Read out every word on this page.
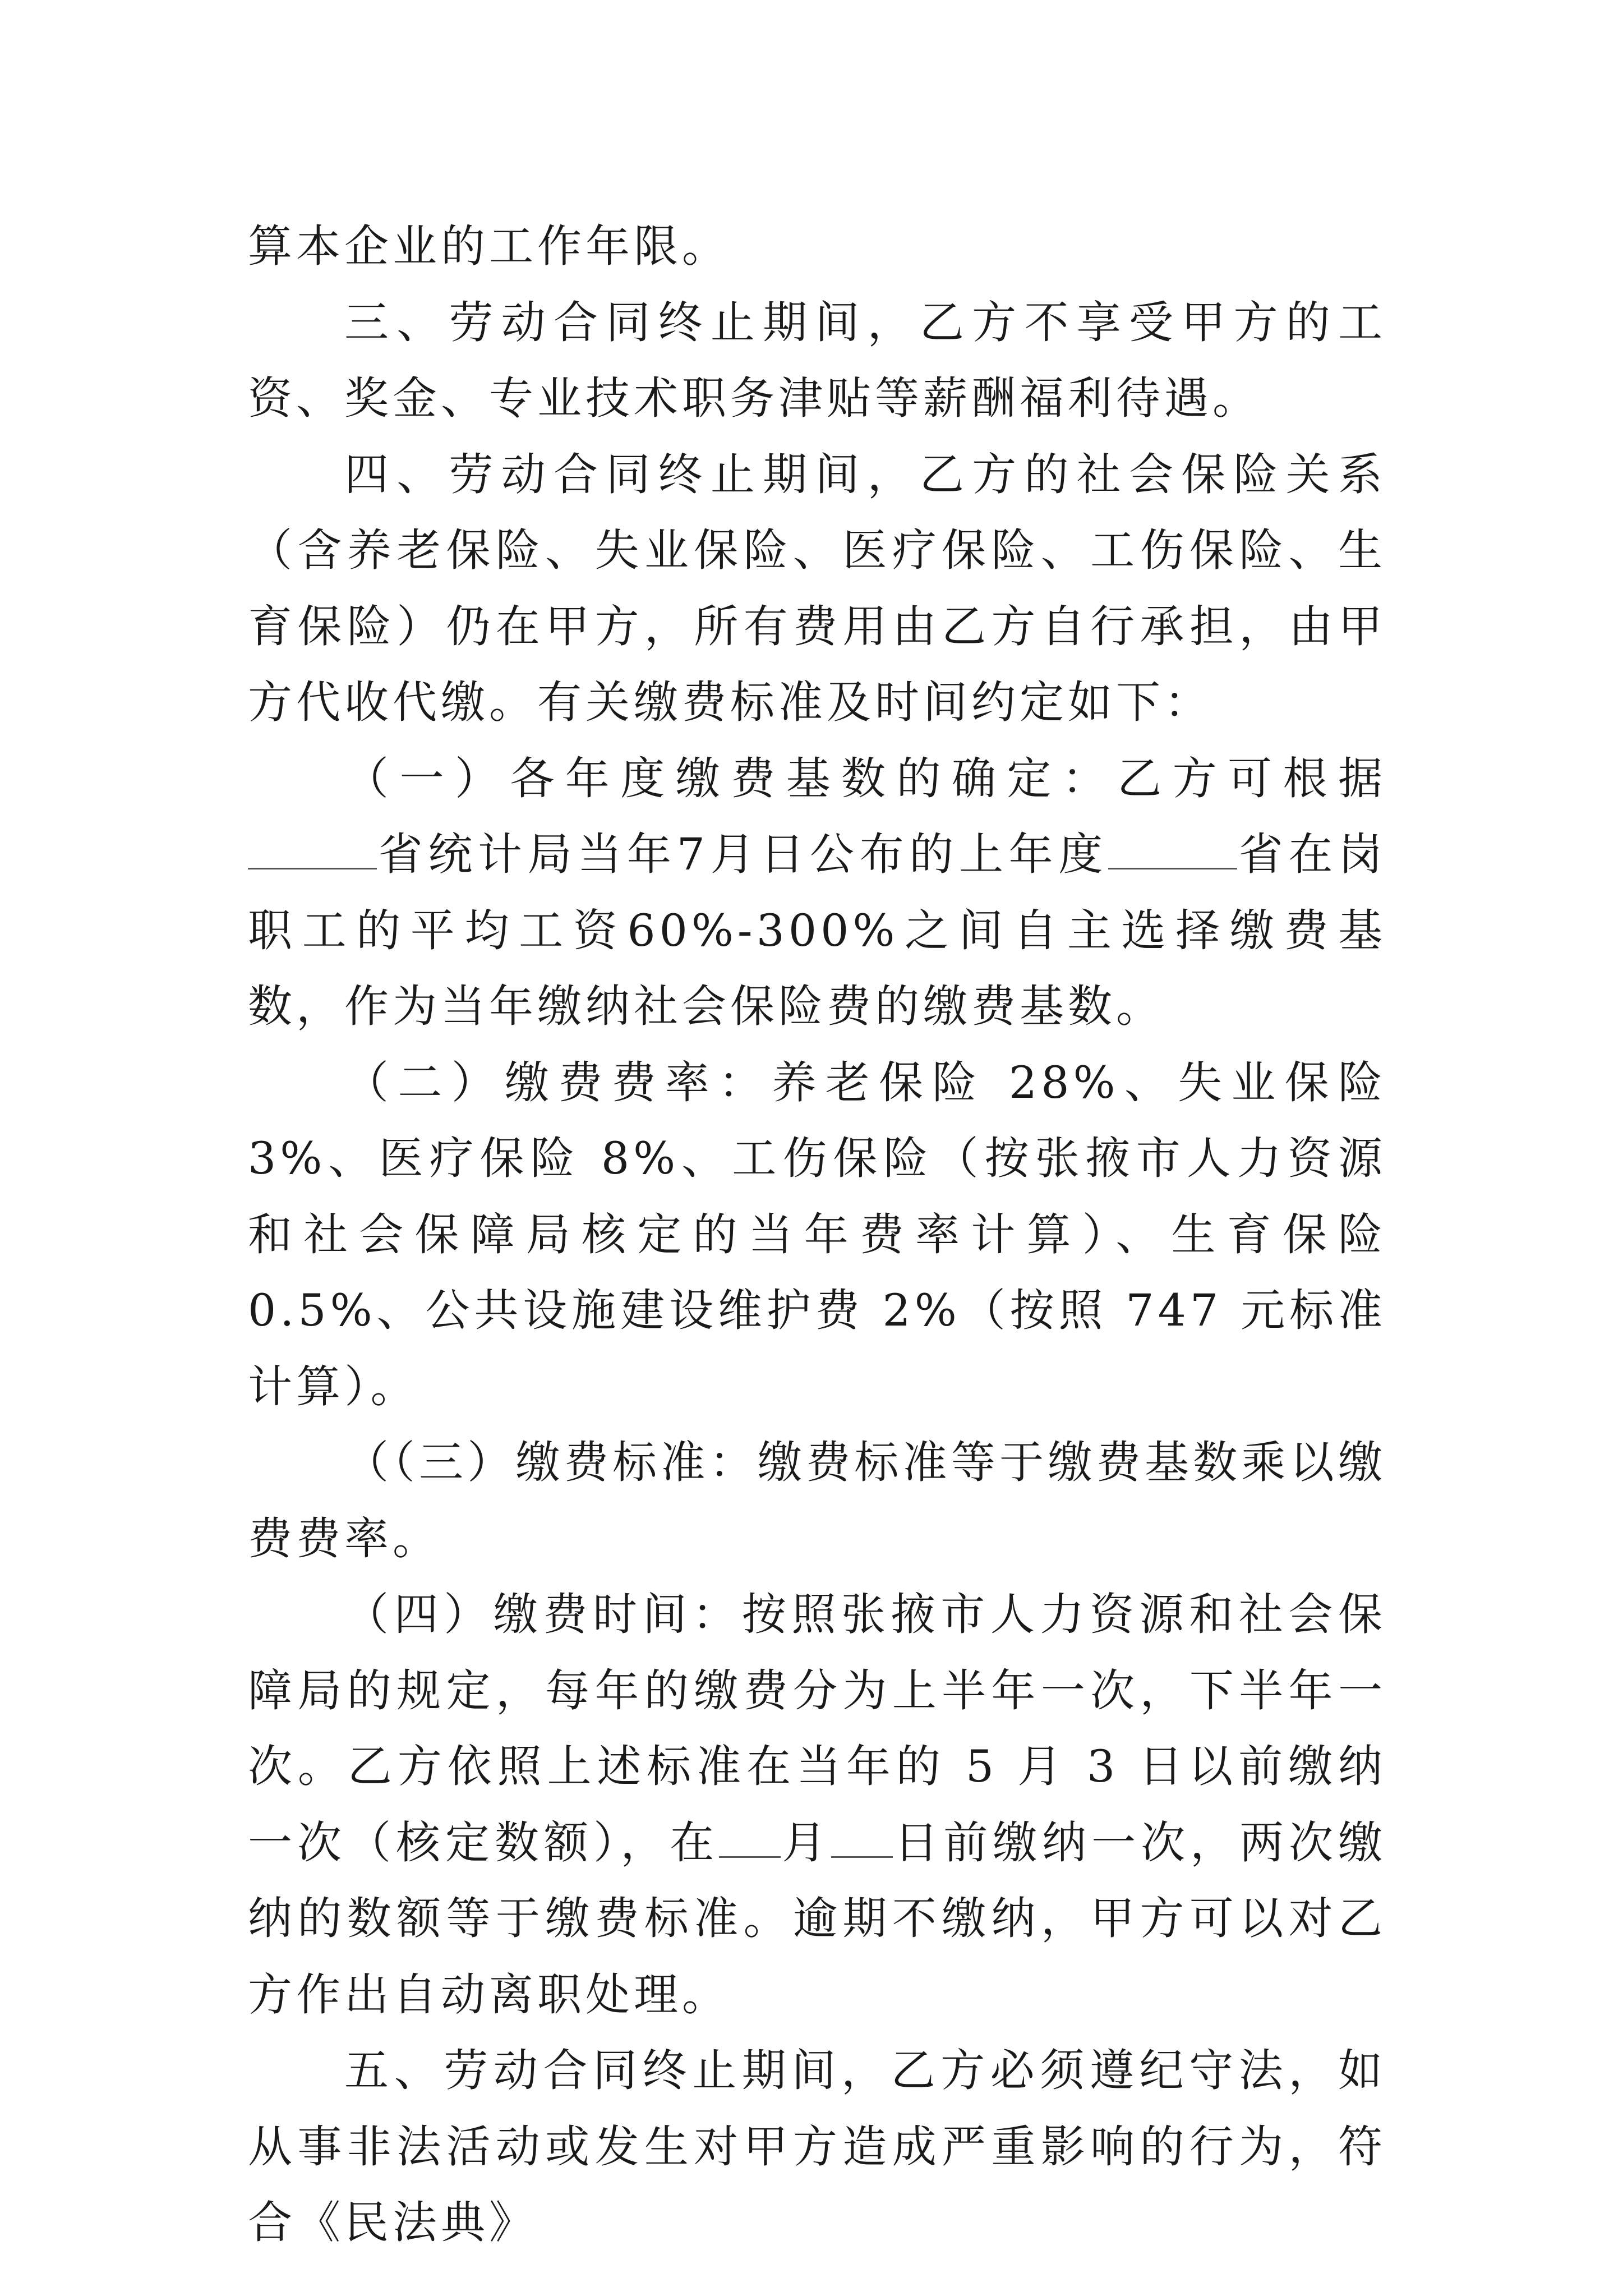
算本企业的工作年限。

三、劳动合同终止期间，乙方不享受甲方的工资、奖金、专业技术职务津贴等薪酬福利待遇。

四、劳动合同终止期间，乙方的社会保险关系（含养老保险、失业保险、医疗保险、工伤保险、生育保险）仍在甲方，所有费用由乙方自行承担，由甲方代收代缴。有关缴费标准及时间约定如下：

（一）各年度缴费基数的确定：乙方可根据省统计局当年7月日公布的上年度	省在岗职工的平均工资60%-300%之间自主选择缴费基数，作为当年缴纳社会保险费的缴费基数。

（二）缴费费率：养老保险 28%、失业保险 3%、医疗保险 8%、工伤保险（按张掖市人力资源和社会保障局核定的当年费率计算）、生育保险 0.5%、公共设施建设维护费 2%（按照 747 元标准计算）。

（（三）缴费标准：缴费标准等于缴费基数乘以缴费费率。

（四）缴费时间：按照张掖市人力资源和社会保障局的规定，每年的缴费分为上半年一次，下半年一次。乙方依照上述标准在当年的 5 月 3 日以前缴纳一次（核定数额），在 月 日前缴纳一次，两次缴纳的数额等于缴费标准。逾期不缴纳，甲方可以对乙方作出自动离职处理。

五、劳动合同终止期间，乙方必须遵纪守法，如从事非法活动或发生对甲方造成严重影响的行为，符合《民法典》
